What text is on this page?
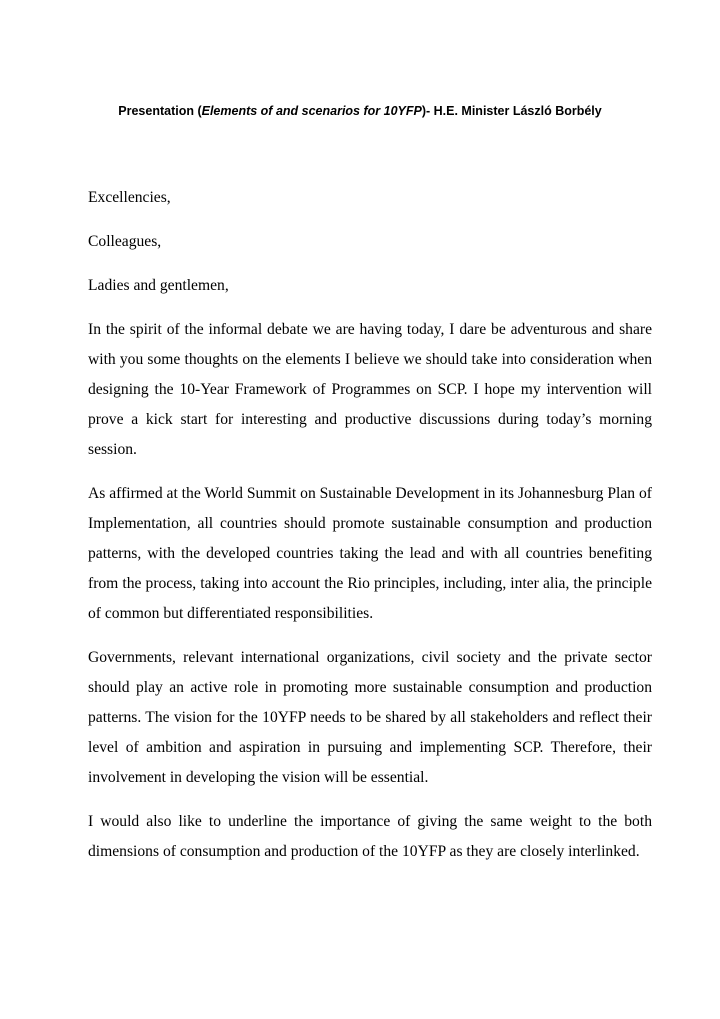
Presentation (Elements of and scenarios for 10YFP)- H.E. Minister László Borbély

Excellencies,

Colleagues,

Ladies and gentlemen,

In the spirit of the informal debate we are having today, I dare be adventurous and share with you some thoughts on the elements I believe we should take into consideration when designing the 10-Year Framework of Programmes on SCP. I hope my intervention will prove a kick start for interesting and productive discussions during today’s morning session.

As affirmed at the World Summit on Sustainable Development in its Johannesburg Plan of Implementation, all countries should promote sustainable consumption and production patterns, with the developed countries taking the lead and with all countries benefiting from the process, taking into account the Rio principles, including, inter alia, the principle of common but differentiated responsibilities.

Governments, relevant international organizations, civil society and the private sector should play an active role in promoting more sustainable consumption and production patterns. The vision for the 10YFP needs to be shared by all stakeholders and reflect their level of ambition and aspiration in pursuing and implementing SCP. Therefore, their involvement in developing the vision will be essential.

I would also like to underline the importance of giving the same weight to the both dimensions of consumption and production of the 10YFP as they are closely interlinked.
